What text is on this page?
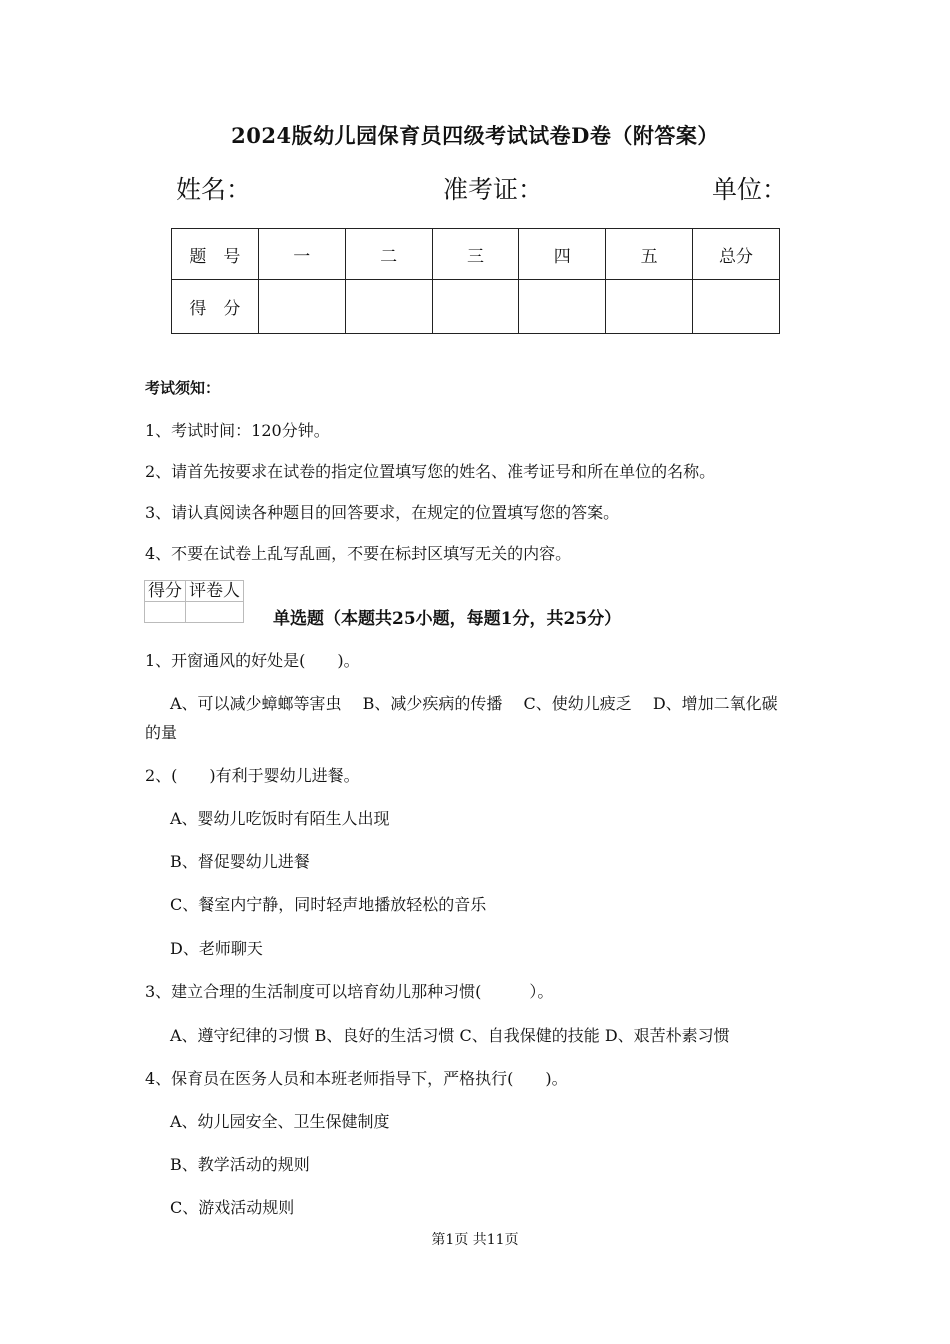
2024版幼儿园保育员四级考试试卷D卷（附答案）
姓名：	准考证：	单位：
题　号	一	二	三	四	五	总分
得　分						
考试须知：
1、考试时间：120分钟。
2、请首先按要求在试卷的指定位置填写您的姓名、准考证号和所在单位的名称。
3、请认真阅读各种题目的回答要求，在规定的位置填写您的答案。
4、不要在试卷上乱写乱画，不要在标封区填写无关的内容。
得分	评卷人

单选题（本题共25小题，每题1分，共25分）
1、开窗通风的好处是(　　)。
A、可以减少蟑螂等害虫　 B、减少疾病的传播　 C、使幼儿疲乏　 D、增加二氧化碳
的量
2、(　　)有利于婴幼儿进餐。
A、婴幼儿吃饭时有陌生人出现
B、督促婴幼儿进餐
C、餐室内宁静，同时轻声地播放轻松的音乐
D、老师聊天
3、建立合理的生活制度可以培育幼儿那种习惯(　　　）。
A、遵守纪律的习惯 B、良好的生活习惯 C、自我保健的技能 D、艰苦朴素习惯
4、保育员在医务人员和本班老师指导下，严格执行(　　)。
A、幼儿园安全、卫生保健制度
B、教学活动的规则
C、游戏活动规则
第1页 共11页
